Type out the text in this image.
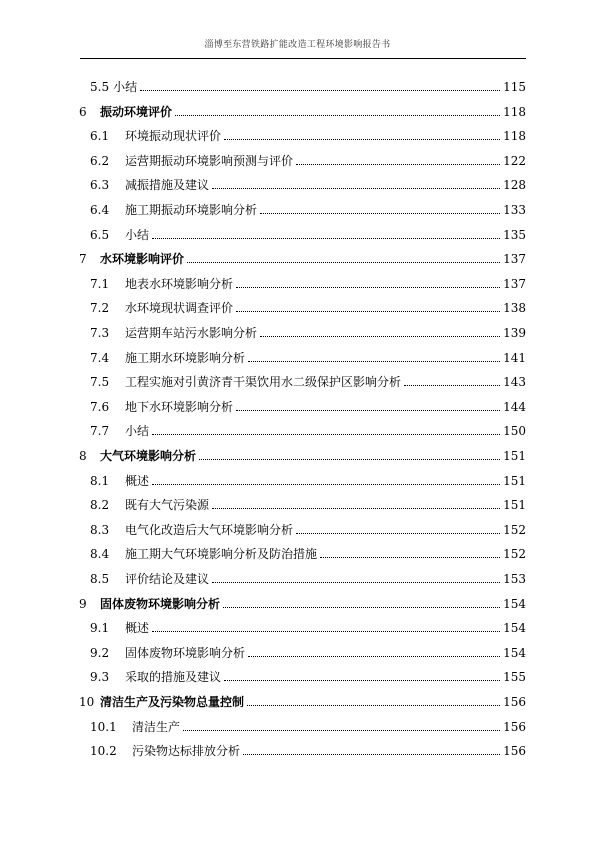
淄博至东营铁路扩能改造工程环境影响报告书
5.5 小结	115
6	振动环境评价	118
6.1	环境振动现状评价	118
6.2	运营期振动环境影响预测与评价	122
6.3	减振措施及建议	128
6.4	施工期振动环境影响分析	133
6.5	小结	135
7	水环境影响评价	137
7.1	地表水环境影响分析	137
7.2	水环境现状调查评价	138
7.3	运营期车站污水影响分析	139
7.4	施工期水环境影响分析	141
7.5	工程实施对引黄济青干渠饮用水二级保护区影响分析	143
7.6	地下水环境影响分析	144
7.7	小结	150
8	大气环境影响分析	151
8.1	概述	151
8.2	既有大气污染源	151
8.3	电气化改造后大气环境影响分析	152
8.4	施工期大气环境影响分析及防治措施	152
8.5	评价结论及建议	153
9	固体废物环境影响分析	154
9.1	概述	154
9.2	固体废物环境影响分析	154
9.3	采取的措施及建议	155
10 清洁生产及污染物总量控制	156
10.1	清洁生产	156
10.2	污染物达标排放分析	156
